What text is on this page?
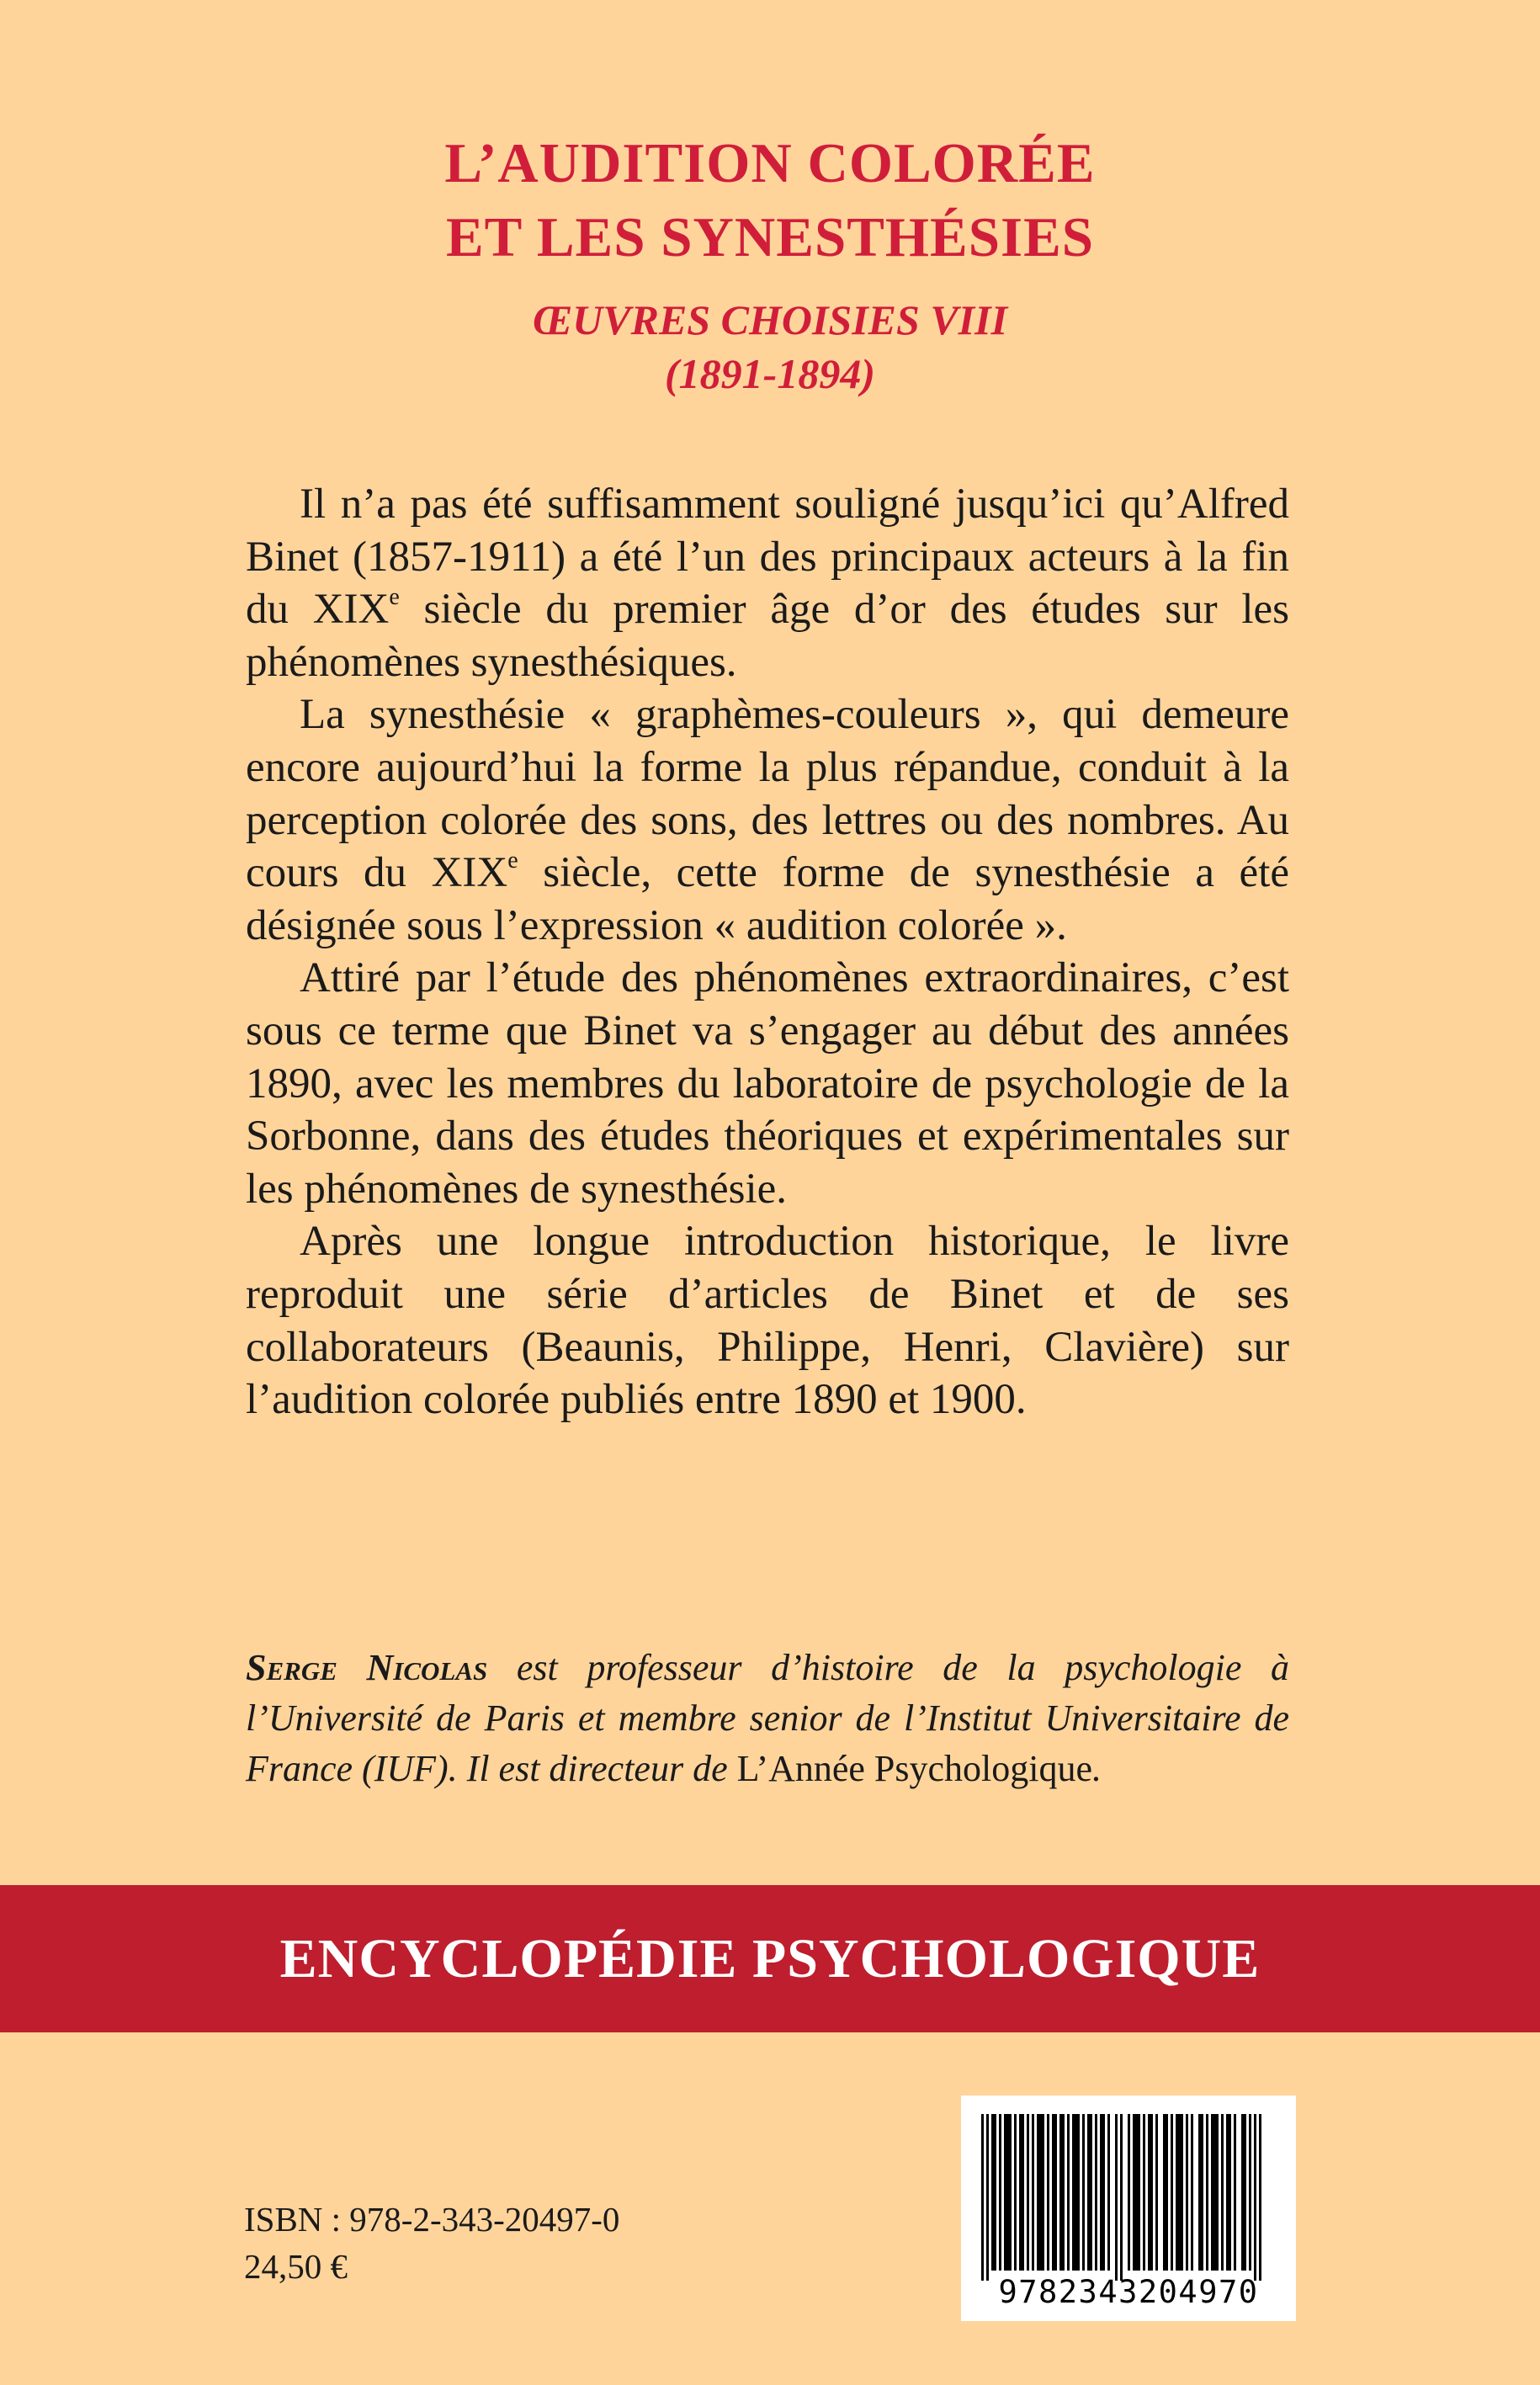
L’AUDITION COLORÉE
ET LES SYNESTHÉSIES
ŒUVRES CHOISIES VIII
(1891-1894)

Il n’a pas été suffisamment souligné jusqu’ici qu’Alfred Binet (1857-1911) a été l’un des principaux acteurs à la fin du XIXe siècle du premier âge d’or des études sur les phénomènes synesthésiques.

La synesthésie « graphèmes-couleurs », qui demeure encore aujourd’hui la forme la plus répandue, conduit à la perception colorée des sons, des lettres ou des nombres. Au cours du XIXe siècle, cette forme de synesthésie a été désignée sous l’expression « audition colorée ».

Attiré par l’étude des phénomènes extraordinaires, c’est sous ce terme que Binet va s’engager au début des années 1890, avec les membres du laboratoire de psychologie de la Sorbonne, dans des études théoriques et expérimentales sur les phénomènes de synesthésie.

Après une longue introduction historique, le livre reproduit une série d’articles de Binet et de ses collaborateurs (Beaunis, Philippe, Henri, Clavière) sur l’audition colorée publiés entre 1890 et 1900.

Serge Nicolas est professeur d’histoire de la psychologie à l’Université de Paris et membre senior de l’Institut Universitaire de France (IUF). Il est directeur de L’Année Psychologique.
ENCYCLOPÉDIE PSYCHOLOGIQUE
ISBN : 978-2-343-20497-0
24,50 €
9782343204970
